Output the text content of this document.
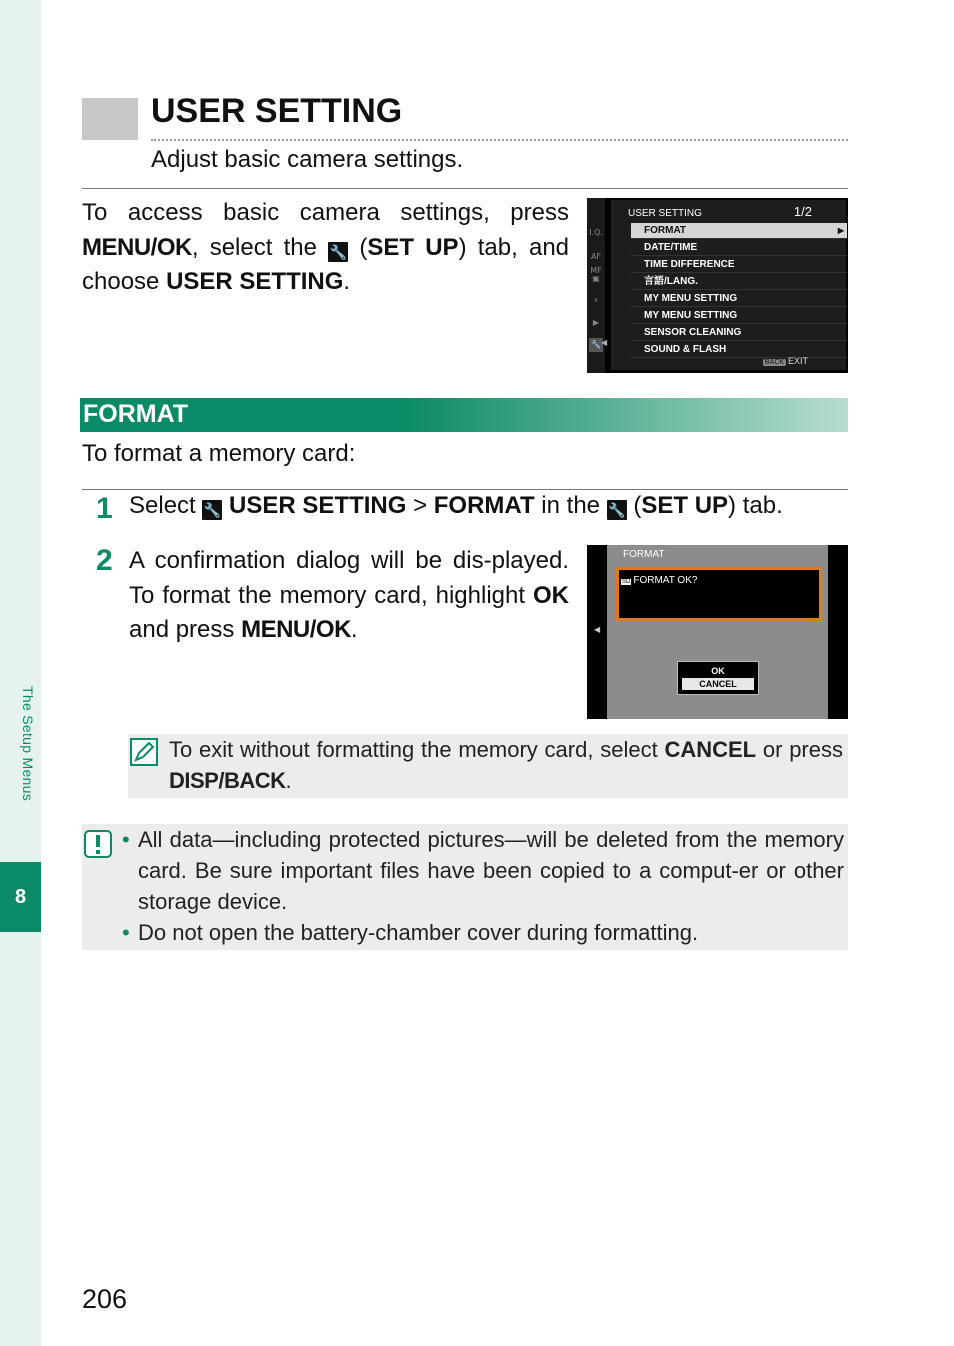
The Setup Menus
8
USER SETTING
Adjust basic camera settings.
To access basic camera settings, press MENU/OK, select the 🔧 (SET UP) tab, and choose USER SETTING.
I.Q.
AF MF
▣
⚡
▶
🔧 ◀
USER SETTING	1/2
FORMAT	▶
DATE/TIME
TIME DIFFERENCE
言語/LANG.
MY MENU SETTING
MY MENU SETTING
SENSOR CLEANING
SOUND & FLASH
BACK EXIT
FORMAT
To format a memory card:
1 Select 🔧 USER SETTING > FORMAT in the 🔧 (SET UP) tab.
2 A confirmation dialog will be dis-played. To format the memory card, highlight OK and press MENU/OK.	◀
FORMAT
SD FORMAT OK?
OK
CANCEL
To exit without formatting the memory card, select CANCEL or press DISP/BACK.
• All data—including protected pictures—will be deleted from the memory card. Be sure important files have been copied to a comput-er or other storage device.
• Do not open the battery-chamber cover during formatting.
206
